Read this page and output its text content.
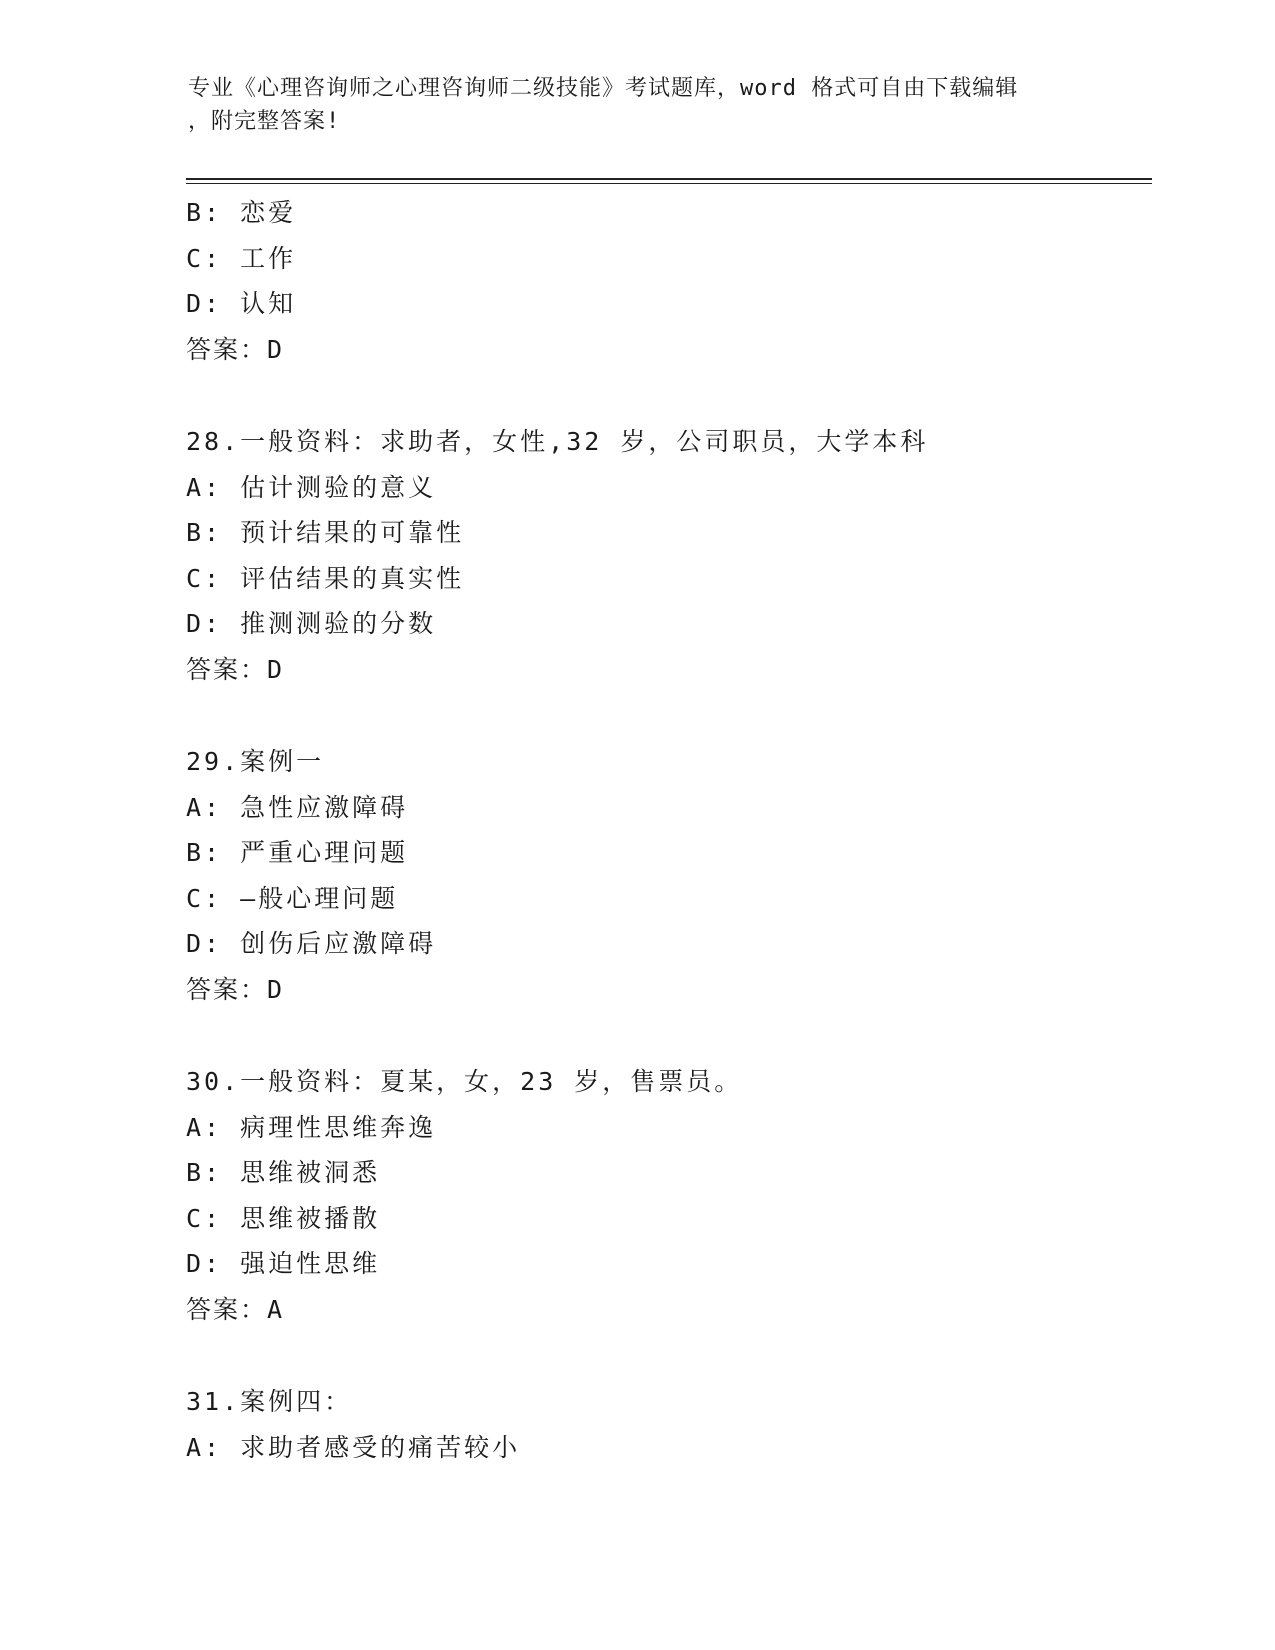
专业《心理咨询师之心理咨询师二级技能》考试题库，word 格式可自由下载编辑
，附完整答案!
B: 恋爱
C: 工作
D: 认知
答案：D
28.一般资料：求助者，女性,32 岁，公司职员，大学本科
A: 估计测验的意义
B: 预计结果的可靠性
C: 评估结果的真实性
D: 推测测验的分数
答案：D
29.案例一
A: 急性应激障碍
B: 严重心理问题
C: —般心理问题
D: 创伤后应激障碍
答案：D
30.一般资料：夏某，女，23 岁，售票员。
A: 病理性思维奔逸
B: 思维被洞悉
C: 思维被播散
D: 强迫性思维
答案：A
31.案例四：
A: 求助者感受的痛苦较小
